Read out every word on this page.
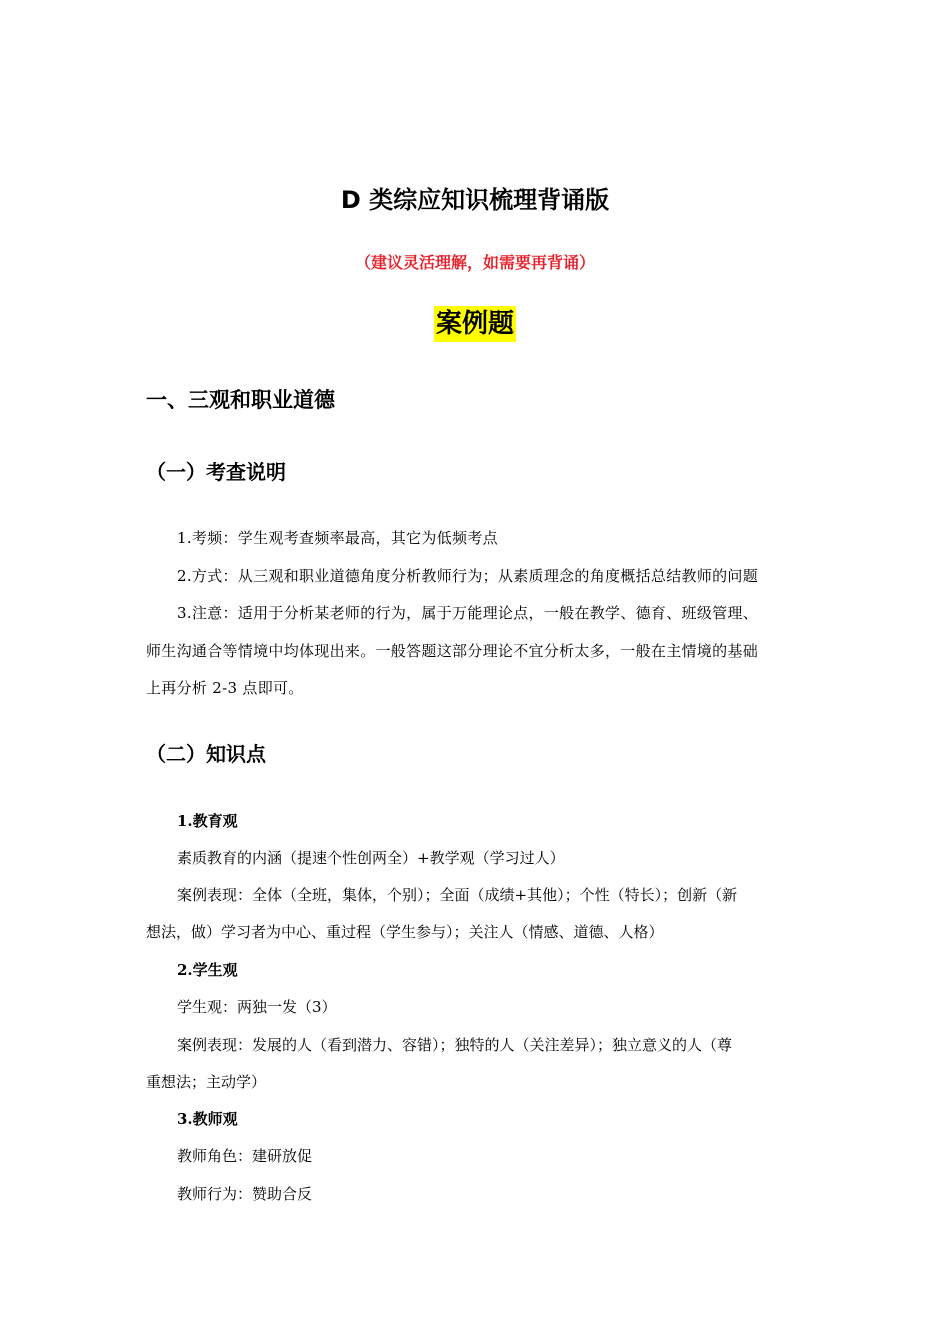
D 类综应知识梳理背诵版
（建议灵活理解，如需要再背诵）
案例题
一、三观和职业道德
（一）考查说明
1.考频：学生观考查频率最高，其它为低频考点
2.方式：从三观和职业道德角度分析教师行为；从素质理念的角度概括总结教师的问题
3.注意：适用于分析某老师的行为，属于万能理论点，一般在教学、德育、班级管理、
师生沟通合等情境中均体现出来。一般答题这部分理论不宜分析太多，一般在主情境的基础
上再分析 2-3 点即可。
（二）知识点
1.教育观
素质教育的内涵（提速个性创两全）+教学观（学习过人）
案例表现：全体（全班，集体，个别）；全面（成绩+其他）；个性（特长）；创新（新
想法，做）学习者为中心、重过程（学生参与）；关注人（情感、道德、人格）
2.学生观
学生观：两独一发（3）
案例表现：发展的人（看到潜力、容错）；独特的人（关注差异）；独立意义的人（尊
重想法；主动学）
3.教师观
教师角色：建研放促
教师行为：赞助合反
